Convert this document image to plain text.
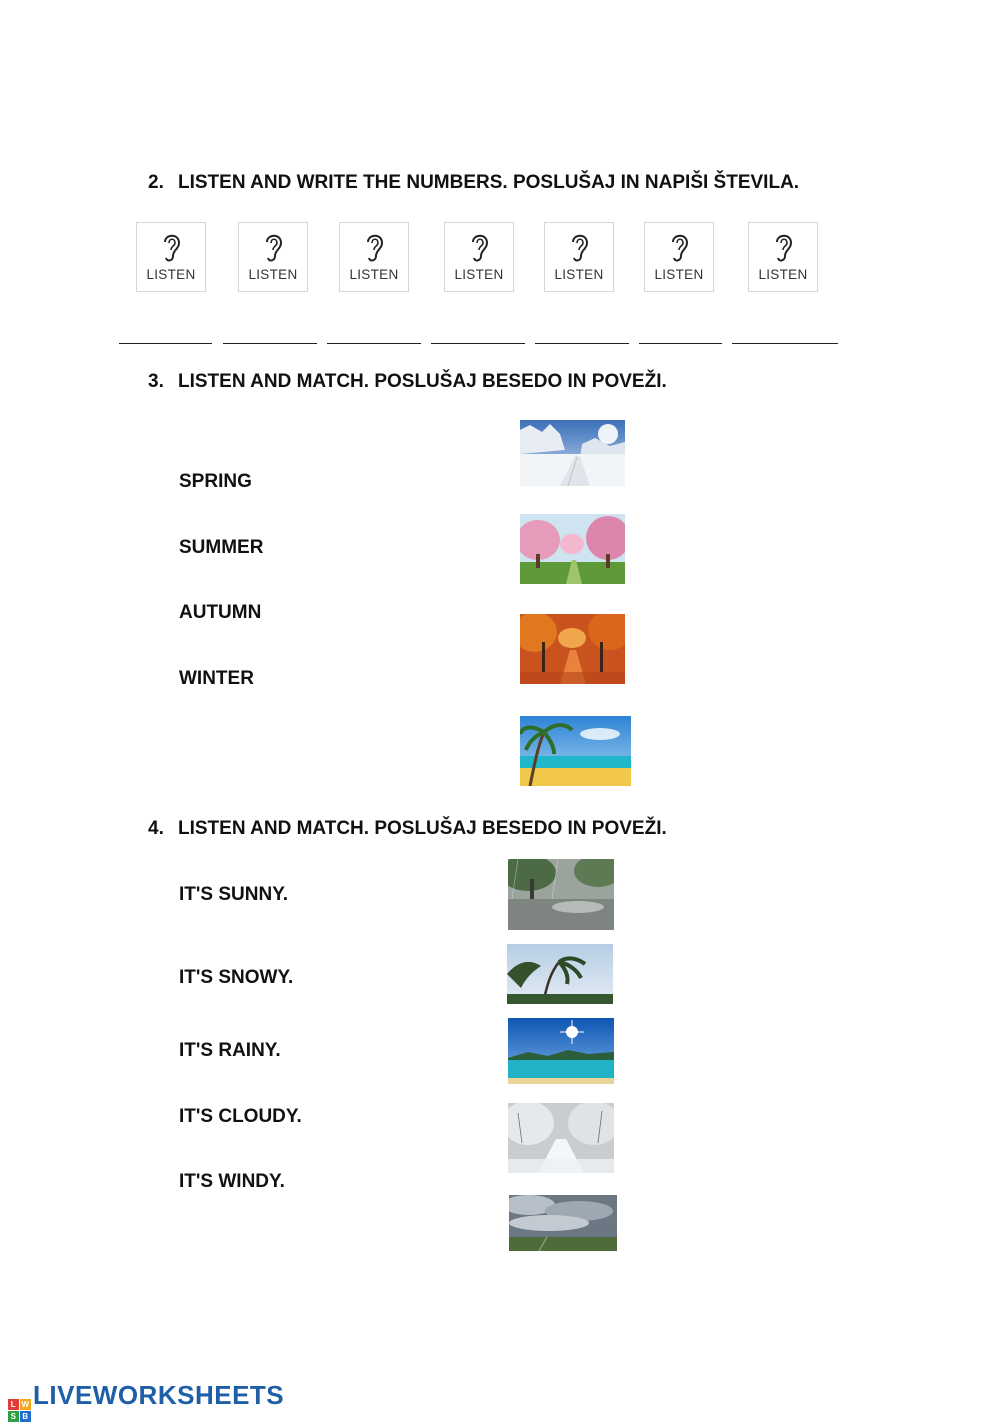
2. LISTEN AND WRITE THE NUMBERS. POSLUŠAJ IN NAPIŠI ŠTEVILA.
LISTEN	LISTEN	LISTEN	LISTEN	LISTEN	LISTEN	LISTEN
3. LISTEN AND MATCH. POSLUŠAJ BESEDO IN POVEŽI.
SPRING
SUMMER
AUTUMN
WINTER
4. LISTEN AND MATCH. POSLUŠAJ BESEDO IN POVEŽI.
IT'S SUNNY.
IT'S SNOWY.
IT'S RAINY.
IT'S CLOUDY.
IT'S WINDY.
L W
S B
LIVEWORKSHEETS
